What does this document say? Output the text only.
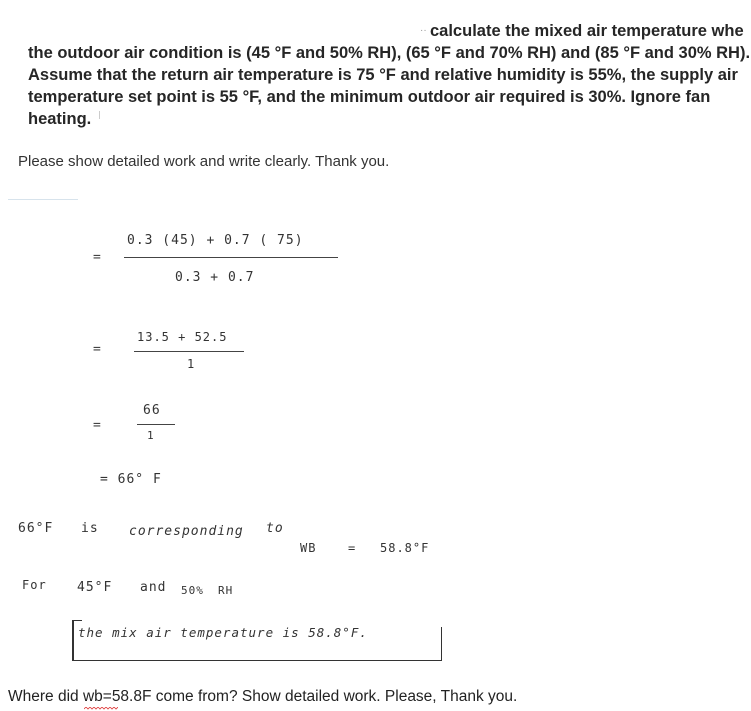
·· calculate the mixed air temperature whe
the outdoor air condition is (45 °F and 50% RH), (65 °F and 70% RH) and (85 °F and 30% RH).
Assume that the return air temperature is 75 °F and relative humidity is 55%, the supply air
temperature set point is 55 °F, and the minimum outdoor air required is 30%. Ignore fan
heating.
Please show detailed work and write clearly. Thank you.
=
0.3 (45) + 0.7 ( 75)
0.3 + 0.7
=
13.5 + 52.5
1
=
66
1
= 66° F
66°F is corresponding to
WB	= 58.8°F
For 45°F and 50% RH
the mix air temperature is 58.8°F.
Where did wb=58.8F come from? Show detailed work. Please, Thank you.
